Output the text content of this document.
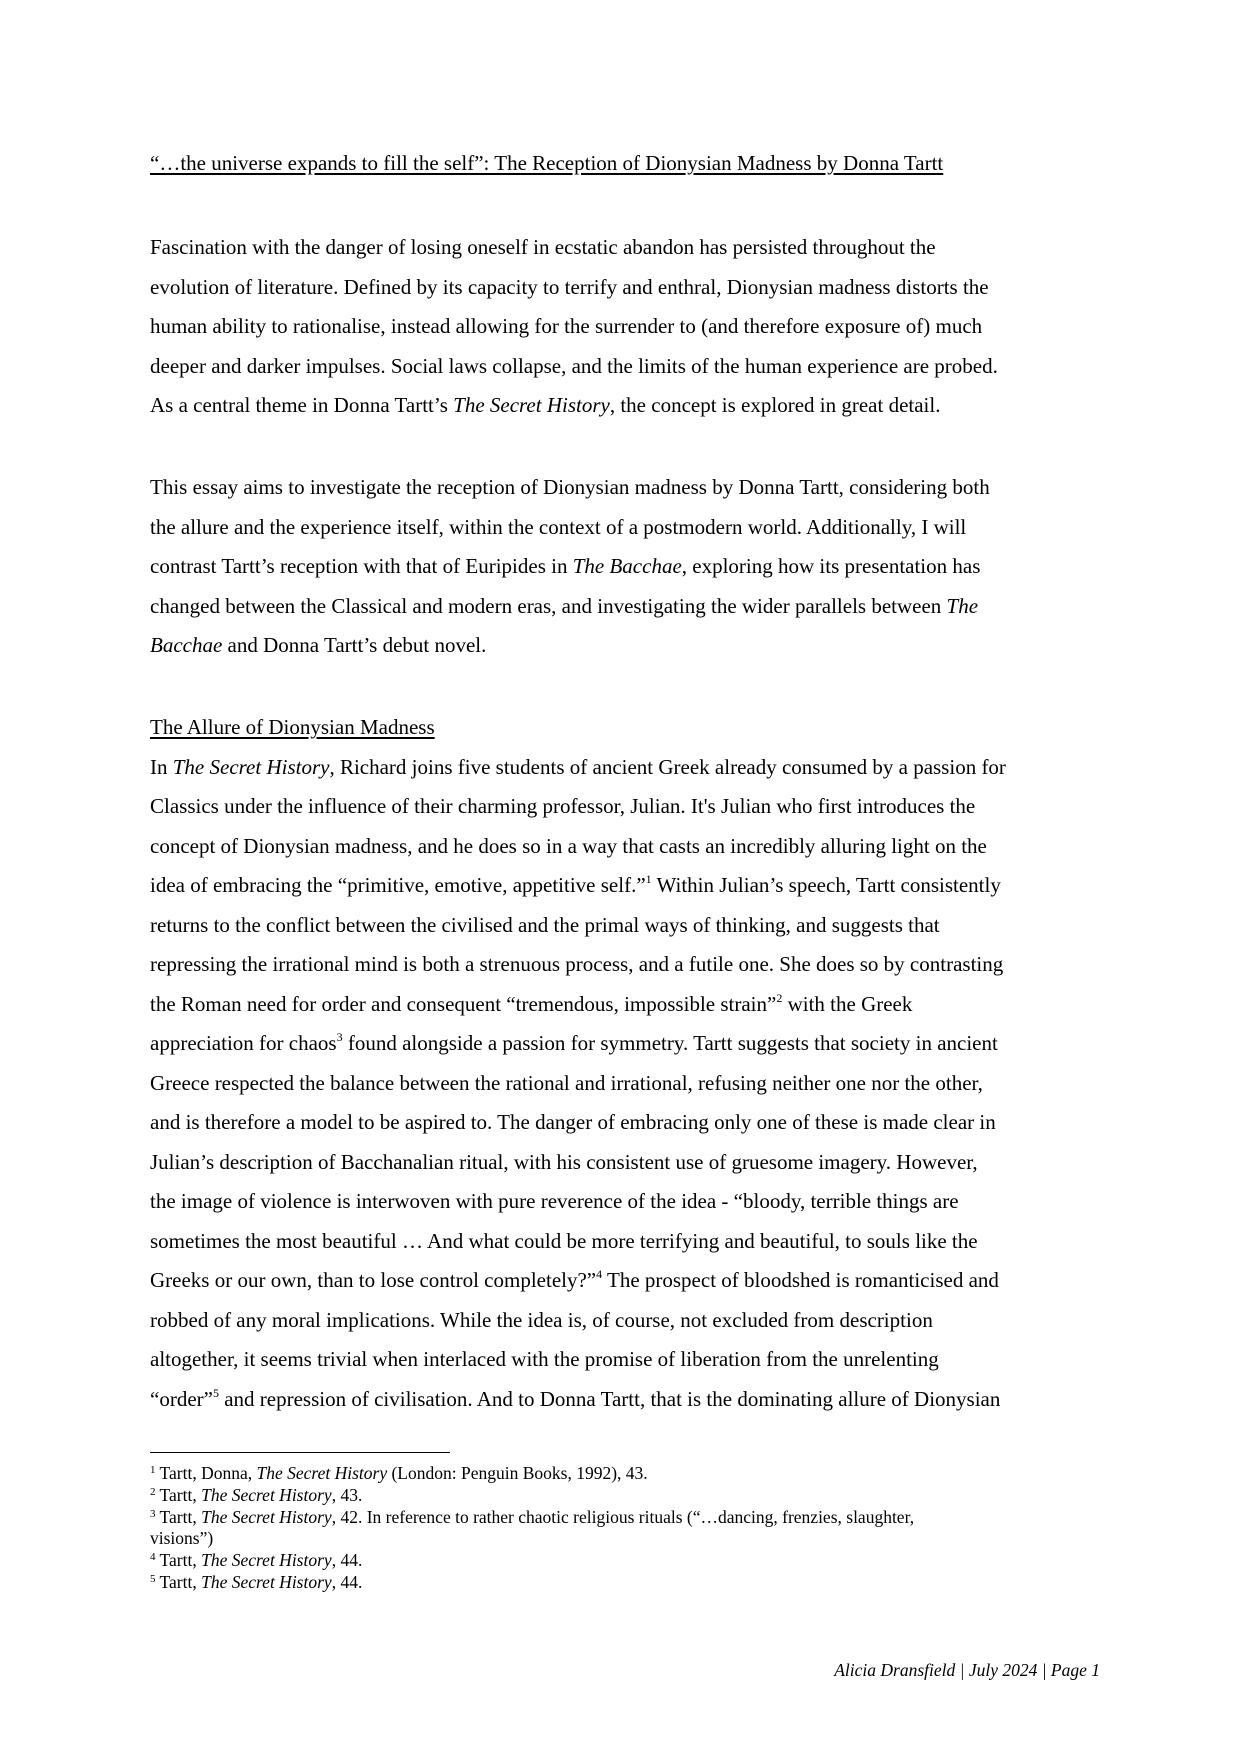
“…the universe expands to fill the self”: The Reception of Dionysian Madness by Donna Tartt
Fascination with the danger of losing oneself in ecstatic abandon has persisted throughout the
evolution of literature. Defined by its capacity to terrify and enthral, Dionysian madness distorts the
human ability to rationalise, instead allowing for the surrender to (and therefore exposure of) much
deeper and darker impulses. Social laws collapse, and the limits of the human experience are probed.
As a central theme in Donna Tartt’s The Secret History, the concept is explored in great detail.
This essay aims to investigate the reception of Dionysian madness by Donna Tartt, considering both
the allure and the experience itself, within the context of a postmodern world. Additionally, I will
contrast Tartt’s reception with that of Euripides in The Bacchae, exploring how its presentation has
changed between the Classical and modern eras, and investigating the wider parallels between The
Bacchae and Donna Tartt’s debut novel.
The Allure of Dionysian Madness
In The Secret History, Richard joins five students of ancient Greek already consumed by a passion for
Classics under the influence of their charming professor, Julian. It's Julian who first introduces the
concept of Dionysian madness, and he does so in a way that casts an incredibly alluring light on the
idea of embracing the “primitive, emotive, appetitive self.”$^1$ Within Julian’s speech, Tartt consistently
returns to the conflict between the civilised and the primal ways of thinking, and suggests that
repressing the irrational mind is both a strenuous process, and a futile one. She does so by contrasting
the Roman need for order and consequent “tremendous, impossible strain”$^2$ with the Greek
appreciation for chaos$^3$ found alongside a passion for symmetry. Tartt suggests that society in ancient
Greece respected the balance between the rational and irrational, refusing neither one nor the other,
and is therefore a model to be aspired to. The danger of embracing only one of these is made clear in
Julian’s description of Bacchanalian ritual, with his consistent use of gruesome imagery. However,
the image of violence is interwoven with pure reverence of the idea - “bloody, terrible things are
sometimes the most beautiful … And what could be more terrifying and beautiful, to souls like the
Greeks or our own, than to lose control completely?”$^4$ The prospect of bloodshed is romanticised and
robbed of any moral implications. While the idea is, of course, not excluded from description
altogether, it seems trivial when interlaced with the promise of liberation from the unrelenting
“order”$^5$ and repression of civilisation. And to Donna Tartt, that is the dominating allure of Dionysian
$^1$ Tartt, Donna, The Secret History (London: Penguin Books, 1992), 43.
$^2$ Tartt, The Secret History, 43.
$^3$ Tartt, The Secret History, 42. In reference to rather chaotic religious rituals (“…dancing, frenzies, slaughter,
visions”)
$^4$ Tartt, The Secret History, 44.
$^5$ Tartt, The Secret History, 44.
Alicia Dransfield | July 2024 | Page 1
